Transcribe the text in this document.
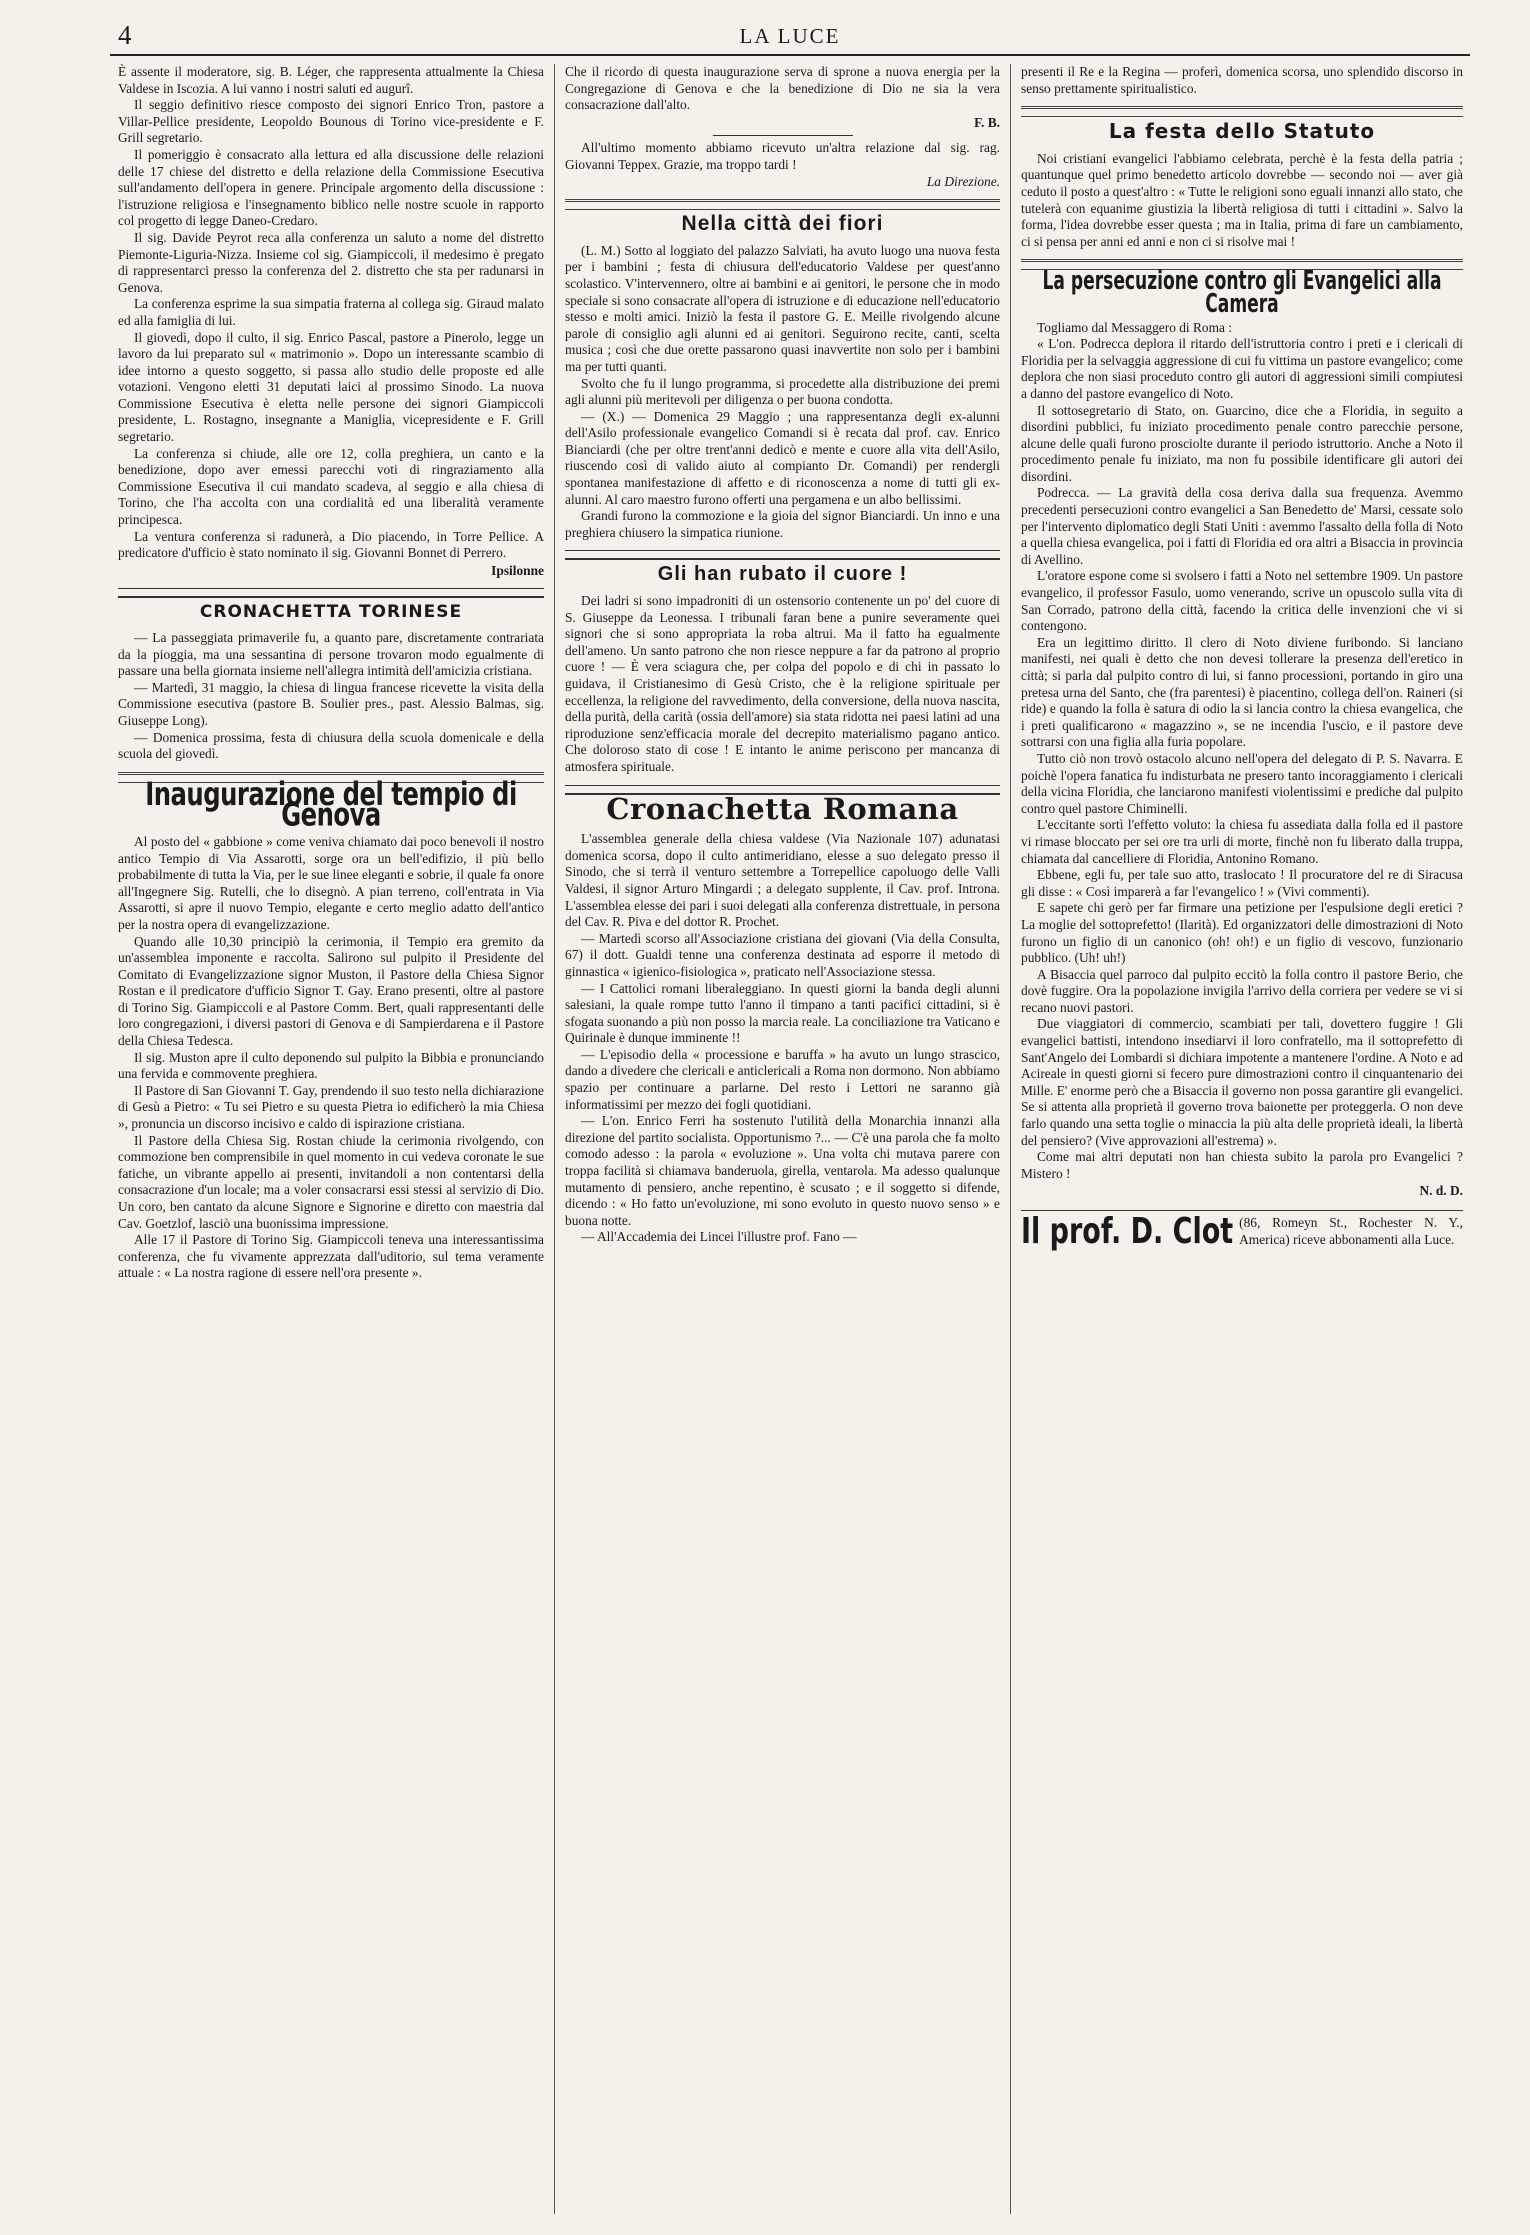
4	LA LUCE

È assente il moderatore, sig. B. Léger, che rappresenta attualmente la Chiesa Valdese in Iscozia. A lui vanno i nostri saluti ed augurî.

Il seggio definitivo riesce composto dei signori Enrico Tron, pastore a Villar-Pellice presidente, Leopoldo Bounous di Torino vice-presidente e F. Grill segretario.

Il pomeriggio è consacrato alla lettura ed alla discussione delle relazioni delle 17 chiese del distretto e della relazione della Commissione Esecutiva sull'andamento dell'opera in genere. Principale argomento della discussione : l'istruzione religiosa e l'insegnamento biblico nelle nostre scuole in rapporto col progetto di legge Daneo-Credaro.

Il sig. Davide Peyrot reca alla conferenza un saluto a nome del distretto Piemonte-Liguria-Nizza. Insieme col sig. Giampiccoli, il medesimo è pregato di rappresentarci presso la conferenza del 2. distretto che sta per radunarsi in Genova.

La conferenza esprime la sua simpatia fraterna al collega sig. Giraud malato ed alla famiglia di lui.

Il giovedì, dopo il culto, il sig. Enrico Pascal, pastore a Pinerolo, legge un lavoro da lui preparato sul « matrimonio ». Dopo un interessante scambio di idee intorno a questo soggetto, si passa allo studio delle proposte ed alle votazioni. Vengono eletti 31 deputati laici al prossimo Sinodo. La nuova Commissione Esecutiva è eletta nelle persone dei signori Giampiccoli presidente, L. Rostagno, insegnante a Maniglia, vicepresidente e F. Grill segretario.

La conferenza si chiude, alle ore 12, colla preghiera, un canto e la benedizione, dopo aver emessi parecchi voti di ringraziamento alla Commissione Esecutiva il cui mandato scadeva, al seggio e alla chiesa di Torino, che l'ha accolta con una cordialità ed una liberalità veramente principesca.

La ventura conferenza si radunerà, a Dio piacendo, in Torre Pellice. A predicatore d'ufficio è stato nominato il sig. Giovanni Bonnet di Perrero.

Ipsilonne
CRONACHETTA TORINESE

— La passeggiata primaverile fu, a quanto pare, discretamente contrariata da la pioggia, ma una sessantina di persone trovaron modo egualmente di passare una bella giornata insieme nell'allegra intimità dell'amicizia cristiana.

— Martedì, 31 maggio, la chiesa di lingua francese ricevette la visita della Commissione esecutiva (pastore B. Soulier pres., past. Alessio Balmas, sig. Giuseppe Long).

— Domenica prossima, festa di chiusura della scuola domenicale e della scuola del giovedì.

Inaugurazione del tempio di Genova

Al posto del « gabbione » come veniva chiamato dai poco benevoli il nostro antico Tempio di Via Assarotti, sorge ora un bell'edifizio, il più bello probabilmente di tutta la Via, per le sue linee eleganti e sobrie, il quale fa onore all'Ingegnere Sig. Rutelli, che lo disegnò. A pian terreno, coll'entrata in Via Assarotti, si apre il nuovo Tempio, elegante e certo meglio adatto dell'antico per la nostra opera di evangelizzazione.

Quando alle 10,30 principiò la cerimonia, il Tempio era gremito da un'assemblea imponente e raccolta. Salirono sul pulpito il Presidente del Comitato di Evangelizzazione signor Muston, il Pastore della Chiesa Signor Rostan e il predicatore d'ufficio Signor T. Gay. Erano presenti, oltre al pastore di Torino Sig. Giampiccoli e al Pastore Comm. Bert, quali rappresentanti delle loro congregazioni, i diversi pastori di Genova e di Sampierdarena e il Pastore della Chiesa Tedesca.

Il sig. Muston apre il culto deponendo sul pulpito la Bibbia e pronunciando una fervida e commovente preghiera.

Il Pastore di San Giovanni T. Gay, prendendo il suo testo nella dichiarazione di Gesù a Pietro: « Tu sei Pietro e su questa Pietra io edificherò la mia Chiesa », pronuncia un discorso incisivo e caldo di ispirazione cristiana.

Il Pastore della Chiesa Sig. Rostan chiude la cerimonia rivolgendo, con commozione ben comprensibile in quel momento in cui vedeva coronate le sue fatiche, un vibrante appello ai presenti, invitandoli a non contentarsi della consacrazione d'un locale; ma a voler consacrarsi essi stessi al servizio di Dio. Un coro, ben cantato da alcune Signore e Signorine e diretto con maestria dal Cav. Goetzlof, lasciò una buonissima impressione.

Alle 17 il Pastore di Torino Sig. Giampiccoli teneva una interessantissima conferenza, che fu vivamente apprezzata dall'uditorio, sul tema veramente attuale : « La nostra ragione di essere nell'ora presente ».

Che il ricordo di questa inaugurazione serva di sprone a nuova energia per la Congregazione di Genova e che la benedizione di Dio ne sia la vera consacrazione dall'alto.

F. B.

All'ultimo momento abbiamo ricevuto un'altra relazione dal sig. rag. Giovanni Teppex. Grazie, ma troppo tardi !

La Direzione.
Nella città dei fiori

(L. M.) Sotto al loggiato del palazzo Salviati, ha avuto luogo una nuova festa per i bambini ; festa di chiusura dell'educatorio Valdese per quest'anno scolastico. V'intervennero, oltre ai bambini e ai genitori, le persone che in modo speciale si sono consacrate all'opera di istruzione e di educazione nell'educatorio stesso e molti amici. Iniziò la festa il pastore G. E. Meille rivolgendo alcune parole di consiglio agli alunni ed ai genitori. Seguirono recite, canti, scelta musica ; così che due orette passarono quasi inavvertite non solo per i bambini ma per tutti quanti.

Svolto che fu il lungo programma, si procedette alla distribuzione dei premi agli alunni più meritevoli per diligenza o per buona condotta.

— (X.) — Domenica 29 Maggio ; una rappresentanza degli ex-alunni dell'Asilo professionale evangelico Comandi si è recata dal prof. cav. Enrico Bianciardi (che per oltre trent'anni dedicò e mente e cuore alla vita dell'Asilo, riuscendo così di valido aiuto al compianto Dr. Comandi) per rendergli spontanea manifestazione di affetto e di riconoscenza a nome di tutti gli ex-alunni. Al caro maestro furono offerti una pergamena e un albo bellissimi.

Grandi furono la commozione e la gioia del signor Bianciardi. Un inno e una preghiera chiusero la simpatica riunione.

Gli han rubato il cuore !

Dei ladri si sono impadroniti di un ostensorio contenente un po' del cuore di S. Giuseppe da Leonessa. I tribunali faran bene a punire severamente quei signori che si sono appropriata la roba altrui. Ma il fatto ha egualmente dell'ameno. Un santo patrono che non riesce neppure a far da patrono al proprio cuore ! — È vera sciagura che, per colpa del popolo e di chi in passato lo guidava, il Cristianesimo di Gesù Cristo, che è la religione spirituale per eccellenza, la religione del ravvedimento, della conversione, della nuova nascita, della purità, della carità (ossia dell'amore) sia stata ridotta nei paesi latini ad una riproduzione senz'efficacia morale del decrepito materialismo pagano antico. Che doloroso stato di cose ! E intanto le anime periscono per mancanza di atmosfera spirituale.

Cronachetta Romana

L'assemblea generale della chiesa valdese (Via Nazionale 107) adunatasi domenica scorsa, dopo il culto antimeridiano, elesse a suo delegato presso il Sinodo, che si terrà il venturo settembre a Torrepellice capoluogo delle Valli Valdesi, il signor Arturo Mingardi ; a delegato supplente, il Cav. prof. Introna. L'assemblea elesse dei pari i suoi delegati alla conferenza distrettuale, in persona del Cav. R. Piva e del dottor R. Prochet.

— Martedì scorso all'Associazione cristiana dei giovani (Via della Consulta, 67) il dott. Gualdi tenne una conferenza destinata ad esporre il metodo di ginnastica « igienico-fisiologica », praticato nell'Associazione stessa.

— I Cattolici romani liberaleggiano. In questi giorni la banda degli alunni salesiani, la quale rompe tutto l'anno il timpano a tanti pacifici cittadini, si è sfogata suonando a più non posso la marcia reale. La conciliazione tra Vaticano e Quirinale è dunque imminente !!

— L'episodio della « processione e baruffa » ha avuto un lungo strascico, dando a divedere che clericali e anticlericali a Roma non dormono. Non abbiamo spazio per continuare a parlarne. Del resto i Lettori ne saranno già informatissimi per mezzo dei fogli quotidiani.

— L'on. Enrico Ferri ha sostenuto l'utilità della Monarchia innanzi alla direzione del partito socialista. Opportunismo ?... — C'è una parola che fa molto comodo adesso : la parola « evoluzione ». Una volta chi mutava parere con troppa facilità si chiamava banderuola, girella, ventarola. Ma adesso qualunque mutamento di pensiero, anche repentino, è scusato ; e il soggetto si difende, dicendo : « Ho fatto un'evoluzione, mi sono evoluto in questo nuovo senso » e buona notte.

— All'Accademia dei Lincei l'illustre prof. Fano —

presenti il Re e la Regina — proferì, domenica scorsa, uno splendido discorso in senso prettamente spiritualistico.

La festa dello Statuto

Noi cristiani evangelici l'abbiamo celebrata, perchè è la festa della patria ; quantunque quel primo benedetto articolo dovrebbe — secondo noi — aver già ceduto il posto a quest'altro : « Tutte le religioni sono eguali innanzi allo stato, che tutelerà con equanime giustizia la libertà religiosa di tutti i cittadini ». Salvo la forma, l'idea dovrebbe esser questa ; ma in Italia, prima di fare un cambiamento, ci si pensa per anni ed anni e non ci si risolve mai !

La persecuzione contro gli Evangelici alla Camera

Togliamo dal Messaggero di Roma :

« L'on. Podrecca deplora il ritardo dell'istruttoria contro i preti e i clericali di Floridia per la selvaggia aggressione di cui fu vittima un pastore evangelico; come deplora che non siasi proceduto contro gli autori di aggressioni simili compiutesi a danno del pastore evangelico di Noto.

Il sottosegretario di Stato, on. Guarcino, dice che a Floridia, in seguito a disordini pubblici, fu iniziato procedimento penale contro parecchie persone, alcune delle quali furono prosciolte durante il periodo istruttorio. Anche a Noto il procedimento penale fu iniziato, ma non fu possibile identificare gli autori dei disordini.

Podrecca. — La gravità della cosa deriva dalla sua frequenza. Avemmo precedenti persecuzioni contro evangelici a San Benedetto de' Marsi, cessate solo per l'intervento diplomatico degli Stati Uniti : avemmo l'assalto della folla di Noto a quella chiesa evangelica, poi i fatti di Floridia ed ora altri a Bisaccia in provincia di Avellino.

L'oratore espone come si svolsero i fatti a Noto nel settembre 1909. Un pastore evangelico, il professor Fasulo, uomo venerando, scrive un opuscolo sulla vita di San Corrado, patrono della città, facendo la critica delle invenzioni che vi si contengono.

Era un legittimo diritto. Il clero di Noto diviene furibondo. Si lanciano manifesti, nei quali è detto che non devesi tollerare la presenza dell'eretico in città; si parla dal pulpito contro di lui, si fanno processioni, portando in giro una pretesa urna del Santo, che (fra parentesi) è piacentino, collega dell'on. Raineri (si ride) e quando la folla è satura di odio la si lancia contro la chiesa evangelica, che i preti qualificarono « magazzino », se ne incendia l'uscio, e il pastore deve sottrarsi con una figlia alla furia popolare.

Tutto ciò non trovò ostacolo alcuno nell'opera del delegato di P. S. Navarra. E poichè l'opera fanatica fu indisturbata ne presero tanto incoraggiamento i clericali della vicina Floridia, che lanciarono manifesti violentissimi e prediche dal pulpito contro quel pastore Chiminelli.

L'eccitante sortì l'effetto voluto: la chiesa fu assediata dalla folla ed il pastore vi rimase bloccato per sei ore tra urli di morte, finchè non fu liberato dalla truppa, chiamata dal cancelliere di Floridia, Antonino Romano.

Ebbene, egli fu, per tale suo atto, traslocato ! Il procuratore del re di Siracusa gli disse : « Così imparerà a far l'evangelico ! » (Vivi commenti).

E sapete chi gerò per far firmare una petizione per l'espulsione degli eretici ? La moglie del sottoprefetto! (Ilarità). Ed organizzatori delle dimostrazioni di Noto furono un figlio di un canonico (oh! oh!) e un figlio di vescovo, funzionario pubblico. (Uh! uh!)

A Bisaccia quel parroco dal pulpito eccitò la folla contro il pastore Berio, che dovè fuggire. Ora la popolazione invigila l'arrivo della corriera per vedere se vi si recano nuovi pastori.

Due viaggiatori di commercio, scambiati per tali, dovettero fuggire ! Gli evangelici battisti, intendono insediarvi il loro confratello, ma il sottoprefetto di Sant'Angelo dei Lombardi si dichiara impotente a mantenere l'ordine. A Noto e ad Acireale in questi giorni si fecero pure dimostrazioni contro il cinquantenario dei Mille. E' enorme però che a Bisaccia il governo non possa garantire gli evangelici. Se si attenta alla proprietà il governo trova baionette per proteggerla. O non deve farlo quando una setta toglie o minaccia la più alta delle proprietà ideali, la libertà del pensiero? (Vive approvazioni all'estrema) ».

Come mai altri deputati non han chiesta subito la parola pro Evangelici ? Mistero !

N. d. D.
Il prof. D. Clot (86, Romeyn St., Rochester N. Y., America) riceve abbonamenti alla Luce.
